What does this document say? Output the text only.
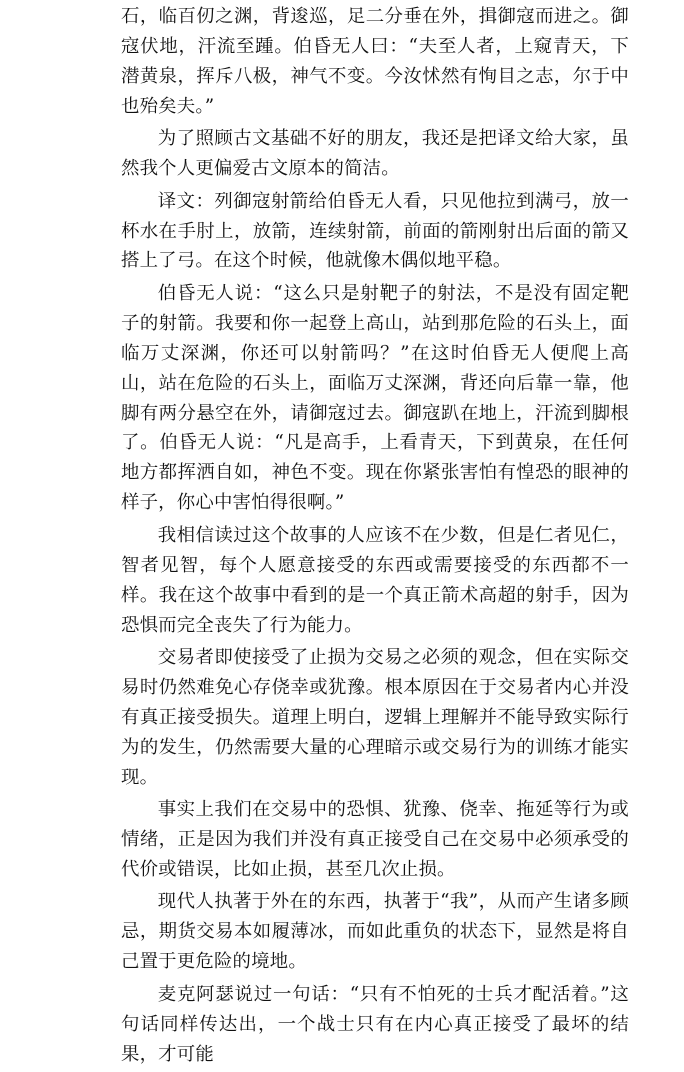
石，临百仞之渊，背逡巡，足二分垂在外，揖御寇而进之。御寇伏地，汗流至踵。伯昏无人曰：“夫至人者，上窥青天，下潜黄泉，挥斥八极，神气不变。今汝怵然有恂目之志，尔于中也殆矣夫。”

为了照顾古文基础不好的朋友，我还是把译文给大家，虽然我个人更偏爱古文原本的简洁。

译文：列御寇射箭给伯昏无人看，只见他拉到满弓，放一杯水在手肘上，放箭，连续射箭，前面的箭刚射出后面的箭又搭上了弓。在这个时候，他就像木偶似地平稳。

伯昏无人说：“这么只是射靶子的射法，不是没有固定靶子的射箭。我要和你一起登上高山，站到那危险的石头上，面临万丈深渊，你还可以射箭吗？”在这时伯昏无人便爬上高山，站在危险的石头上，面临万丈深渊，背还向后靠一靠，他脚有两分悬空在外，请御寇过去。御寇趴在地上，汗流到脚根了。伯昏无人说：“凡是高手，上看青天，下到黄泉，在任何地方都挥洒自如，神色不变。现在你紧张害怕有惶恐的眼神的样子，你心中害怕得很啊。”

我相信读过这个故事的人应该不在少数，但是仁者见仁，智者见智，每个人愿意接受的东西或需要接受的东西都不一样。我在这个故事中看到的是一个真正箭术高超的射手，因为恐惧而完全丧失了行为能力。

交易者即使接受了止损为交易之必须的观念，但在实际交易时仍然难免心存侥幸或犹豫。根本原因在于交易者内心并没有真正接受损失。道理上明白，逻辑上理解并不能导致实际行为的发生，仍然需要大量的心理暗示或交易行为的训练才能实现。

事实上我们在交易中的恐惧、犹豫、侥幸、拖延等行为或情绪，正是因为我们并没有真正接受自己在交易中必须承受的代价或错误，比如止损，甚至几次止损。

现代人执著于外在的东西，执著于“我”，从而产生诸多顾忌，期货交易本如履薄冰，而如此重负的状态下，显然是将自己置于更危险的境地。

麦克阿瑟说过一句话：“只有不怕死的士兵才配活着。”这句话同样传达出，一个战士只有在内心真正接受了最坏的结果，才可能
